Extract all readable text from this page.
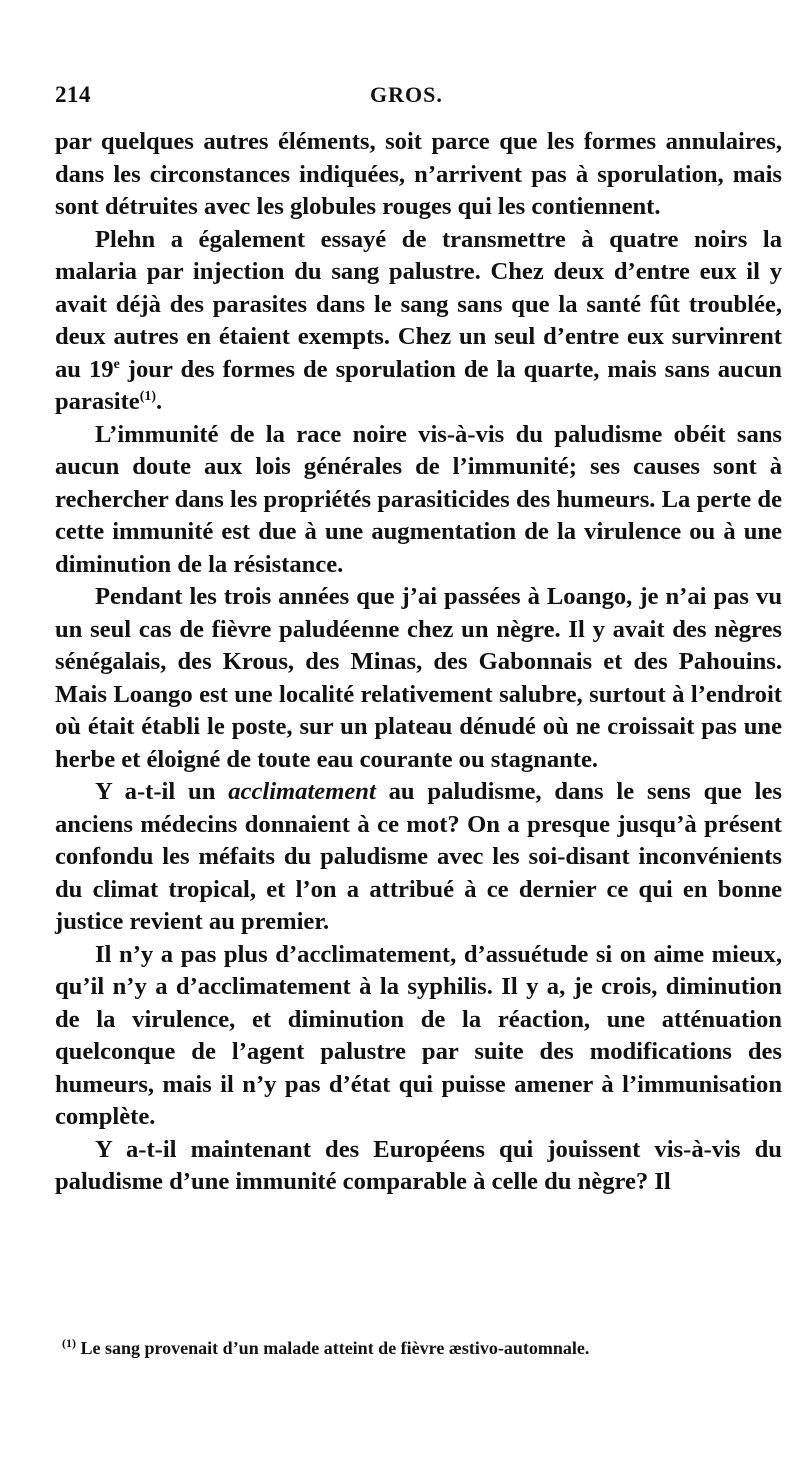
214	GROS.

par quelques autres éléments, soit parce que les formes annulaires, dans les circonstances indiquées, n’arrivent pas à sporulation, mais sont détruites avec les globules rouges qui les contiennent.

Plehn a également essayé de transmettre à quatre noirs la malaria par injection du sang palustre. Chez deux d’entre eux il y avait déjà des parasites dans le sang sans que la santé fût troublée, deux autres en étaient exempts. Chez un seul d’entre eux survinrent au 19e jour des formes de sporulation de la quarte, mais sans aucun parasite$^{(1)}$.

L’immunité de la race noire vis-à-vis du paludisme obéit sans aucun doute aux lois générales de l’immunité; ses causes sont à rechercher dans les propriétés parasiticides des humeurs. La perte de cette immunité est due à une augmentation de la virulence ou à une diminution de la résistance.

Pendant les trois années que j’ai passées à Loango, je n’ai pas vu un seul cas de fièvre paludéenne chez un nègre. Il y avait des nègres sénégalais, des Krous, des Minas, des Gabonnais et des Pahouins. Mais Loango est une localité relativement salubre, surtout à l’endroit où était établi le poste, sur un plateau dénudé où ne croissait pas une herbe et éloigné de toute eau courante ou stagnante.

Y a-t-il un acclimatement au paludisme, dans le sens que les anciens médecins donnaient à ce mot? On a presque jusqu’à présent confondu les méfaits du paludisme avec les soi-disant inconvénients du climat tropical, et l’on a attribué à ce dernier ce qui en bonne justice revient au premier.

Il n’y a pas plus d’acclimatement, d’assuétude si on aime mieux, qu’il n’y a d’acclimatement à la syphilis. Il y a, je crois, diminution de la virulence, et diminution de la réaction, une atténuation quelconque de l’agent palustre par suite des modifications des humeurs, mais il n’y pas d’état qui puisse amener à l’immunisation complète.

Y a-t-il maintenant des Européens qui jouissent vis-à-vis du paludisme d’une immunité comparable à celle du nègre? Il

$^{(1)}$ Le sang provenait d’un malade atteint de fièvre æstivo-automnale.
